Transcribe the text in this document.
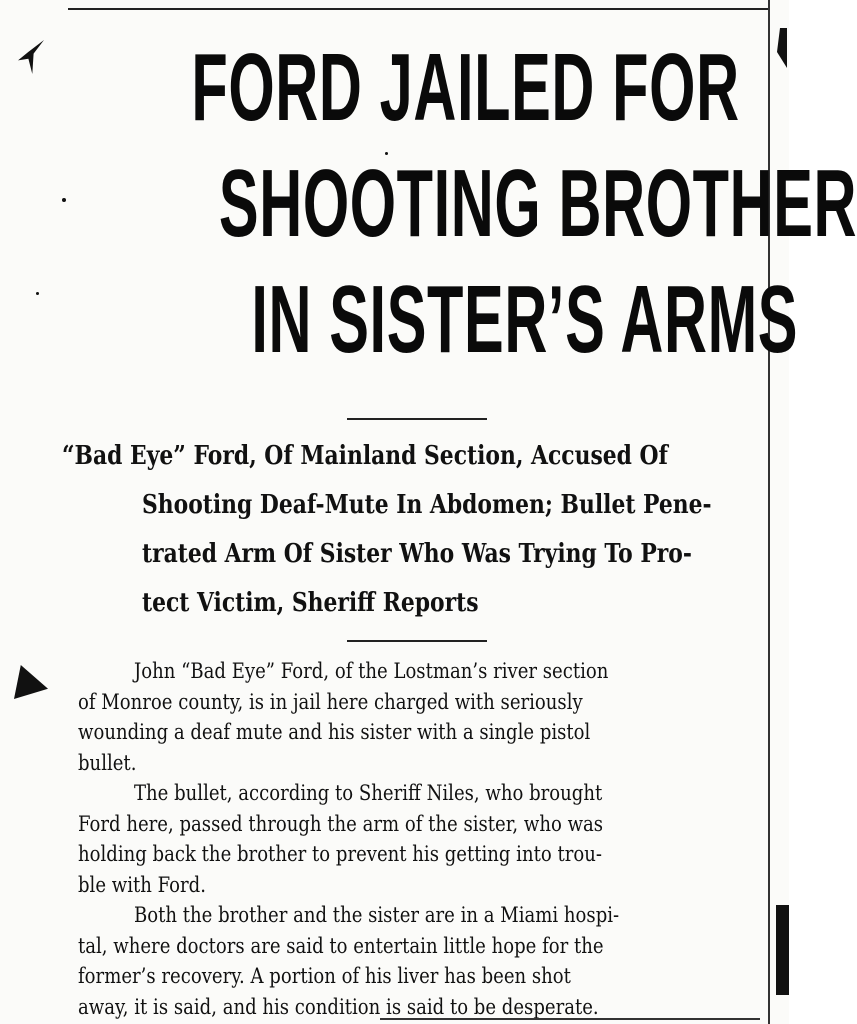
FORD JAILED FOR
SHOOTING BROTHER
IN SISTER’S ARMS
“Bad Eye” Ford, Of Mainland Section, Accused Of
Shooting Deaf-Mute In Abdomen; Bullet Pene-
trated Arm Of Sister Who Was Trying To Pro-
tect Victim, Sheriff Reports
John “Bad Eye” Ford, of the Lostman’s river section
of Monroe county, is in jail here charged with seriously
wounding a deaf mute and his sister with a single pistol
bullet.
The bullet, according to Sheriff Niles, who brought
Ford here, passed through the arm of the sister, who was
holding back the brother to prevent his getting into trou-
ble with Ford.
Both the brother and the sister are in a Miami hospi-
tal, where doctors are said to entertain little hope for the
former’s recovery. A portion of his liver has been shot
away, it is said, and his condition is said to be desperate.
